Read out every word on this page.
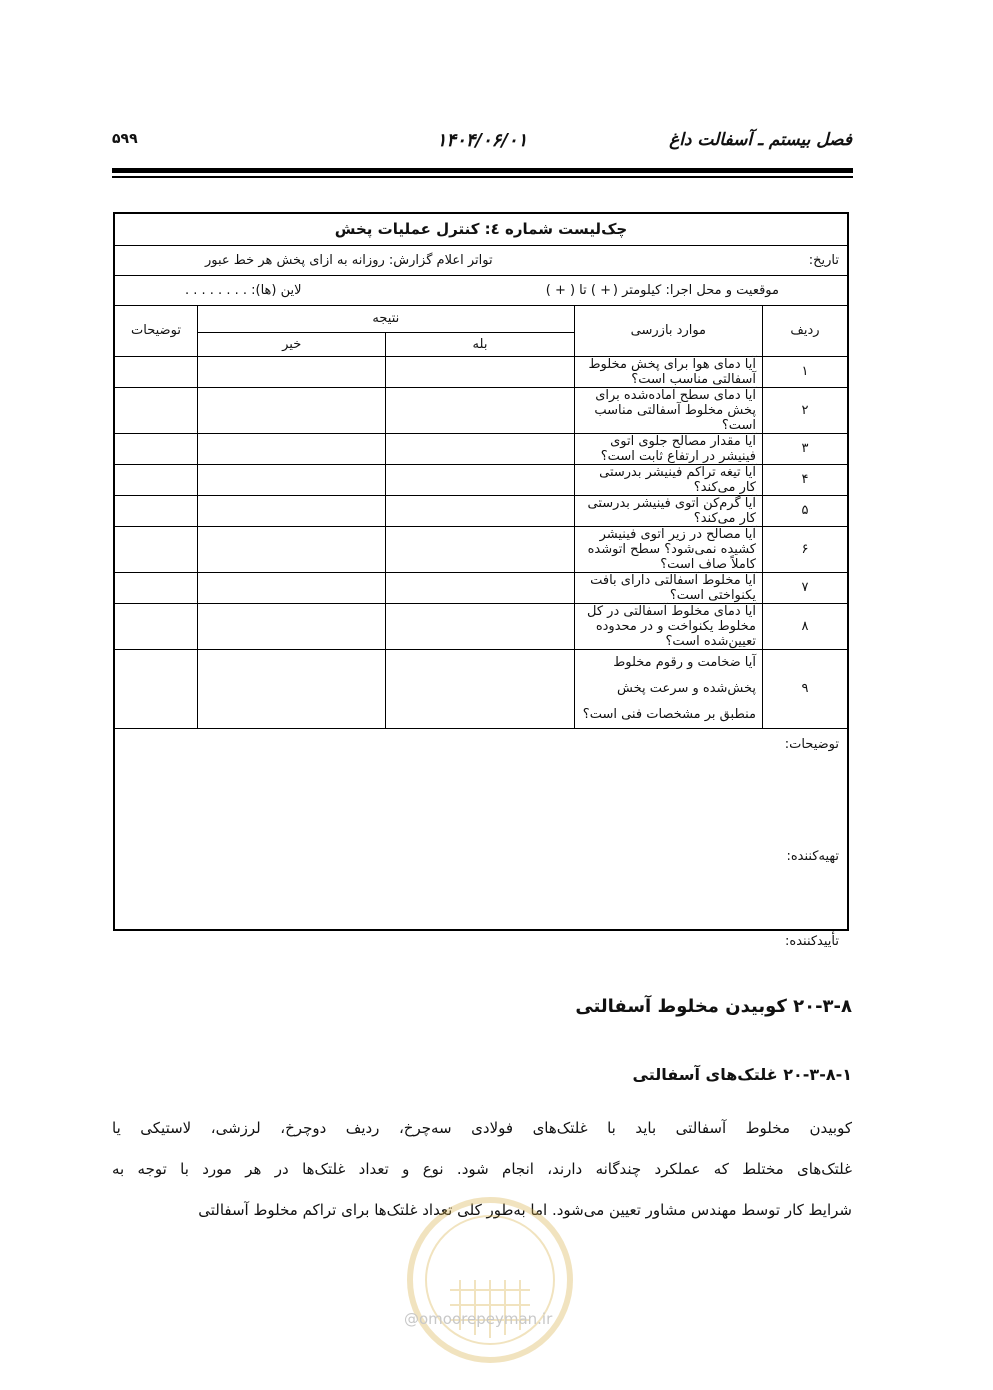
فصل بیستم ـ آسفالت داغ
۱۴۰۴/۰۶/۰۱
۵۹۹
چک‌لیست شماره ٤: کنترل عملیات پخش
تاریخ:
تواتر اعلام گزارش: روزانه به ازای پخش هر خط عبور
موقعیت و محل اجرا: کیلومتر (
+ ) تا ( + )
لاین (ها): . . . . . . . .
ردیف	موارد بازرسی	نتیجه		توضیحات
		بله	خیر	
۱	آیا دمای هوا برای پخش مخلوط آسفالتی مناسب است؟			
۲	آیا دمای سطح آماده‌شده برای پخش مخلوط آسفالتی مناسب است؟			
۳	آیا مقدار مصالح جلوی اتوی فینیشر در ارتفاع ثابت است؟			
۴	آیا تیغه تراکم فینیشر بدرستی کار می‌کند؟			
۵	آیا گرم‌کن اتوی فینیشر بدرستی کار می‌کند؟			
۶	آیا مصالح در زیر اتوی فینیشر کشیده نمی‌شود؟ سطح اتوشده کاملاً صاف است؟			
۷	آیا مخلوط آسفالتی دارای بافت یکنواختی است؟			
۸	آیا دمای مخلوط آسفالتی در کل مخلوط یکنواخت و در محدوده تعیین‌شده است؟			
۹	آیا ضخامت و رقوم مخلوط پخش‌شده و سرعت پخش منطبق بر مشخصات فنی است؟			
توضیحات:
تهیه‌کننده:
تأییدکننده:
۲۰-۳-۸ کوبیدن مخلوط آسفالتی
۲۰-۳-۸-۱ غلتک‌های آسفالتی

کوبیدن مخلوط آسفالتی باید با غلتک‌های فولادی سه‌چرخ، ردیف دوچرخ، لرزشی، لاستیکی یا

غلتک‌های مختلط که عملکرد چندگانه دارند، انجام شود. نوع و تعداد غلتک‌ها در هر مورد با توجه به

شرایط کار توسط مهندس مشاور تعیین می‌شود. اما به‌طور کلی تعداد غلتک‌ها برای تراکم مخلوط آسفالتی

@omoorepeyman.ir
